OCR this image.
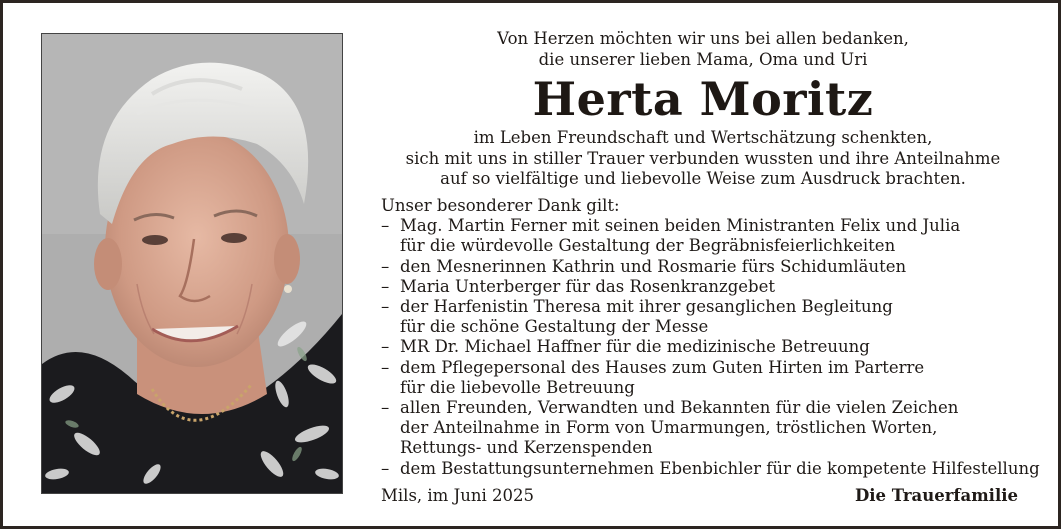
Von Herzen möchten wir uns bei allen bedanken,
die unserer lieben Mama, Oma und Uri
Herta Moritz
im Leben Freundschaft und Wertschätzung schenkten,
sich mit uns in stiller Trauer verbunden wussten und ihre Anteilnahme
auf so vielfältige und liebevolle Weise zum Ausdruck brachten.
Unser besonderer Dank gilt:
– Mag. Martin Ferner mit seinen beiden Ministranten Felix und Julia
für die würdevolle Gestaltung der Begräbnisfeierlichkeiten
– den Mesnerinnen Kathrin und Rosmarie fürs Schidumläuten
– Maria Unterberger für das Rosenkranzgebet
– der Harfenistin Theresa mit ihrer gesanglichen Begleitung
für die schöne Gestaltung der Messe
– MR Dr. Michael Haffner für die medizinische Betreuung
– dem Pflegepersonal des Hauses zum Guten Hirten im Parterre
für die liebevolle Betreuung
– allen Freunden, Verwandten und Bekannten für die vielen Zeichen
der Anteilnahme in Form von Umarmungen, tröstlichen Worten,
Rettungs- und Kerzenspenden
– dem Bestattungsunternehmen Ebenbichler für die kompetente Hilfestellung
Mils, im Juni 2025	Die Trauerfamilie
